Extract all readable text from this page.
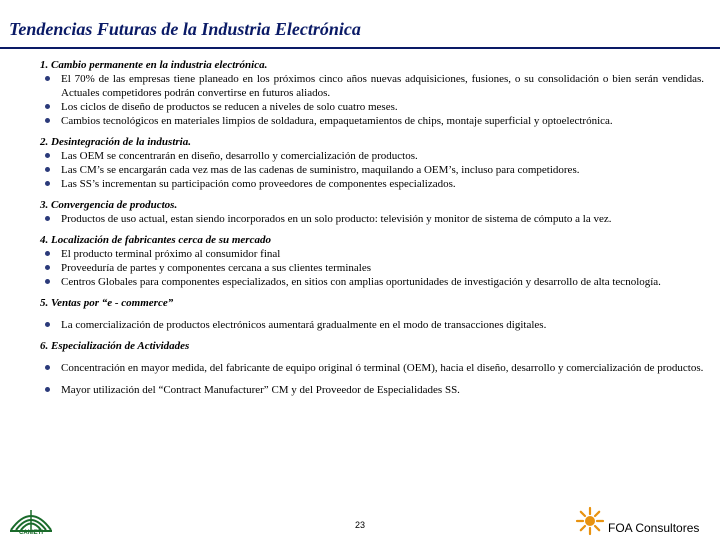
Tendencias Futuras de la Industria Electrónica
1. Cambio permanente en la industria electrónica.
El 70% de las empresas tiene planeado en los próximos cinco años nuevas adquisiciones, fusiones, o su consolidación o bien serán vendidas. Actuales competidores podrán convertirse en futuros aliados.
Los ciclos de diseño de productos se reducen a niveles de solo cuatro meses.
Cambios tecnológicos en materiales limpios de soldadura, empaquetamientos de chips, montaje superficial y optoelectrónica.
2. Desintegración de la industria.
Las OEM se concentrarán en diseño, desarrollo y comercialización de productos.
Las CM’s se encargarán cada vez mas de las cadenas de suministro, maquilando a OEM’s, incluso para competidores.
Las SS’s incrementan su participación como proveedores de componentes especializados.
3. Convergencia de productos.
Productos de uso actual, estan siendo incorporados en un solo producto: televisión y monitor de sistema de cómputo a la vez.
4. Localización de fabricantes cerca de su mercado
El producto terminal próximo al consumidor final
Proveeduría de partes y componentes cercana a sus clientes terminales
Centros Globales para componentes especializados, en sitios con amplias oportunidades de investigación y desarrollo de alta tecnología.
5. Ventas por “e - commerce”
La comercialización de productos electrónicos aumentará gradualmente en el modo de transacciones digitales.
6. Especialización de Actividades
Concentración en mayor medida, del fabricante de equipo original ó terminal (OEM), hacia el diseño, desarrollo y comercialización de productos.
Mayor utilización del “Contract Manufacturer” CM y del Proveedor de Especialidades SS.
CANIETI
23	FOA Consultores
